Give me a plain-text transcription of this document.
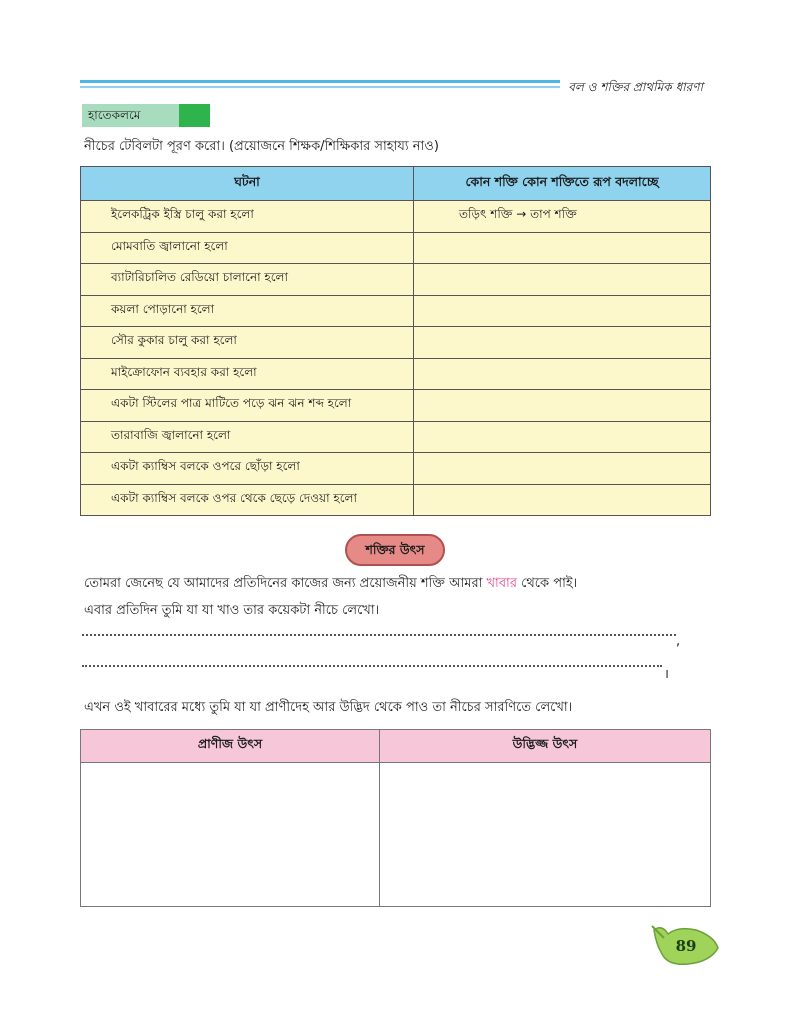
বল ও শক্তির প্রাথমিক ধারণা
হাতেকলমে
নীচের টেবিলটা পূরণ করো। (প্রয়োজনে শিক্ষক/শিক্ষিকার সাহায্য নাও)
ঘটনা	কোন শক্তি কোন শক্তিতে রূপ বদলাচ্ছে
ইলেকট্রিক ইস্ত্রি চালু করা হলো	তড়িৎ শক্তি → তাপ শক্তি
মোমবাতি জ্বালানো হলো	
ব্যাটারিচালিত রেডিয়ো চালানো হলো	
কয়লা পোড়ানো হলো	
সৌর কুকার চালু করা হলো	
মাইক্রোফোন ব্যবহার করা হলো	
একটা স্টিলের পাত্র মাটিতে পড়ে ঝন ঝন শব্দ হলো	
তারাবাজি জ্বালানো হলো	
একটা ক্যাম্বিস বলকে ওপরে ছোঁড়া হলো	
একটা ক্যাম্বিস বলকে ওপর থেকে ছেড়ে দেওয়া হলো	
শক্তির উৎস
তোমরা জেনেছ যে আমাদের প্রতিদিনের কাজের জন্য প্রয়োজনীয় শক্তি আমরা খাবার থেকে পাই।
এবার প্রতিদিন তুমি যা যা খাও তার কয়েকটা নীচে লেখো।
,
।
এখন ওই খাবারের মধ্যে তুমি যা যা প্রাণীদেহ আর উদ্ভিদ থেকে পাও তা নীচের সারণিতে লেখো।
প্রাণীজ উৎস	উদ্ভিজ্জ উৎস

89
